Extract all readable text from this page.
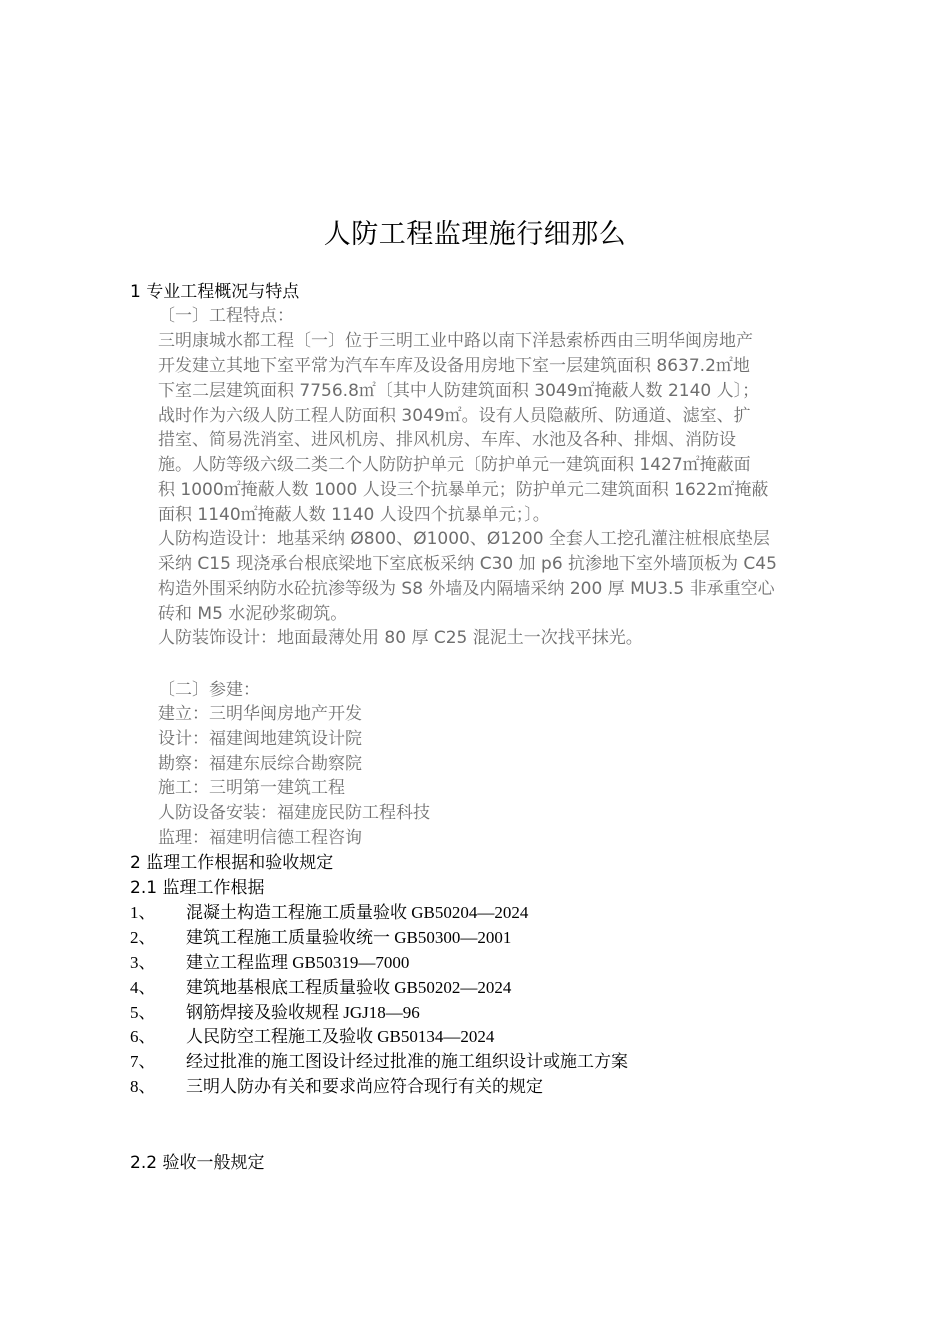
人防工程监理施行细那么
1 专业工程概况与特点
〔一〕工程特点：
三明康城水都工程〔一〕位于三明工业中路以南下洋悬索桥西由三明华闽房地产
开发建立其地下室平常为汽车车库及设备用房地下室一层建筑面积 8637.2㎡地
下室二层建筑面积 7756.8㎡〔其中人防建筑面积 3049㎡掩蔽人数 2140 人〕；
战时作为六级人防工程人防面积 3049㎡。设有人员隐蔽所、防通道、滤室、扩
措室、简易洗消室、进风机房、排风机房、车库、水池及各种、排烟、消防设
施。人防等级六级二类二个人防防护单元〔防护单元一建筑面积 1427㎡掩蔽面
积 1000㎡掩蔽人数 1000 人设三个抗暴单元；防护单元二建筑面积 1622㎡掩蔽
面积 1140㎡掩蔽人数 1140 人设四个抗暴单元；〕。
人防构造设计：地基采纳 Ø800、Ø1000、Ø1200 全套人工挖孔灌注桩根底垫层
采纳 C15 现浇承台根底梁地下室底板采纳 C30 加 p6 抗渗地下室外墙顶板为 C45
构造外围采纳防水砼抗渗等级为 S8 外墙及内隔墙采纳 200 厚 MU3.5 非承重空心
砖和 M5 水泥砂浆砌筑。
人防装饰设计：地面最薄处用 80 厚 C25 混泥土一次找平抹光。
〔二〕参建：
建立：三明华闽房地产开发
设计：福建闽地建筑设计院
勘察：福建东辰综合勘察院
施工：三明第一建筑工程
人防设备安装：福建庞民防工程科技
监理：福建明信德工程咨询
2 监理工作根据和验收规定
2.1 监理工作根据
1、 混凝土构造工程施工质量验收 GB50204—2024
2、 建筑工程施工质量验收统一 GB50300—2001
3、 建立工程监理 GB50319—7000
4、 建筑地基根底工程质量验收 GB50202—2024
5、 钢筋焊接及验收规程 JGJ18—96
6、 人民防空工程施工及验收 GB50134—2024
7、 经过批准的施工图设计经过批准的施工组织设计或施工方案
8、 三明人防办有关和要求尚应符合现行有关的规定
2.2 验收一般规定
